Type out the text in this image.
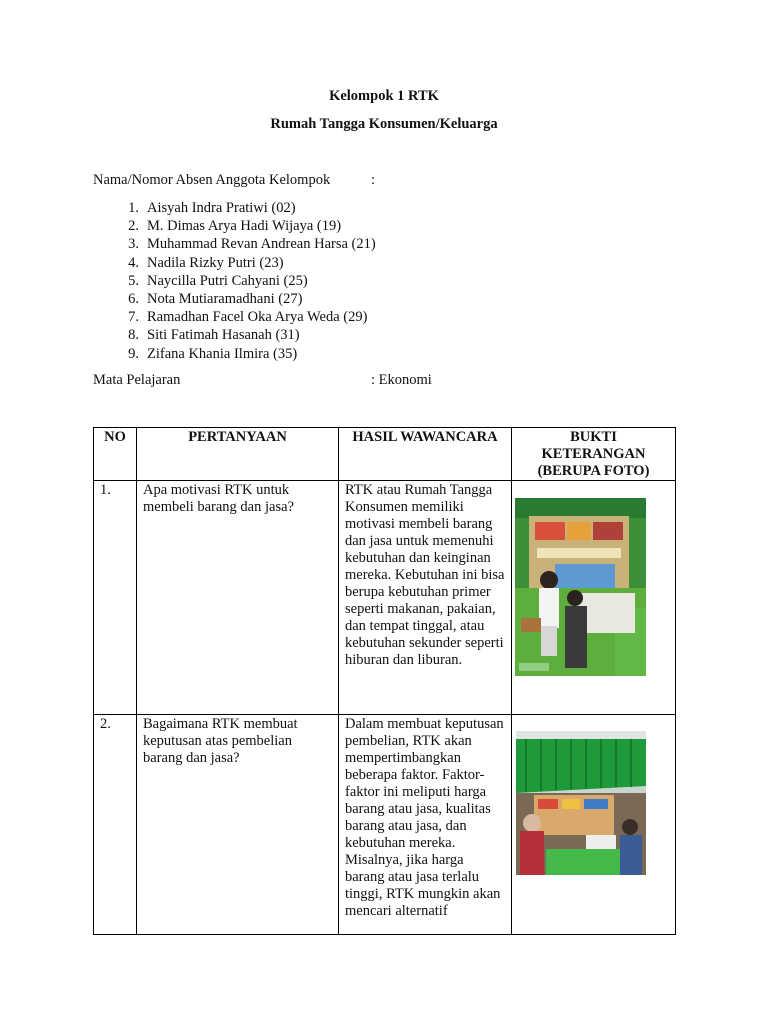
Kelompok 1 RTK
Rumah Tangga Konsumen/Keluarga
Nama/Nomor Absen Anggota Kelompok	:
1. Aisyah Indra Pratiwi (02)
2. M. Dimas Arya Hadi Wijaya (19)
3. Muhammad Revan Andrean Harsa (21)
4. Nadila Rizky Putri (23)
5. Naycilla Putri Cahyani (25)
6. Nota Mutiaramadhani (27)
7. Ramadhan Facel Oka Arya Weda (29)
8. Siti Fatimah Hasanah (31)
9. Zifana Khania Ilmira (35)
Mata Pelajaran	: Ekonomi
NO	PERTANYAAN	HASIL WAWANCARA	BUKTI KETERANGAN (BERUPA FOTO)
1.	Apa motivasi RTK untuk membeli barang dan jasa?	RTK atau Rumah Tangga Konsumen memiliki motivasi membeli barang dan jasa untuk memenuhi kebutuhan dan keinginan mereka. Kebutuhan ini bisa berupa kebutuhan primer seperti makanan, pakaian, dan tempat tinggal, atau kebutuhan sekunder seperti hiburan dan liburan.	

2.	Bagaimana RTK membuat keputusan atas pembelian barang dan jasa?	Dalam membuat keputusan pembelian, RTK akan mempertimbangkan beberapa faktor. Faktor-faktor ini meliputi harga barang atau jasa, kualitas barang atau jasa, dan kebutuhan mereka. Misalnya, jika harga barang atau jasa terlalu tinggi, RTK mungkin akan mencari alternatif	
